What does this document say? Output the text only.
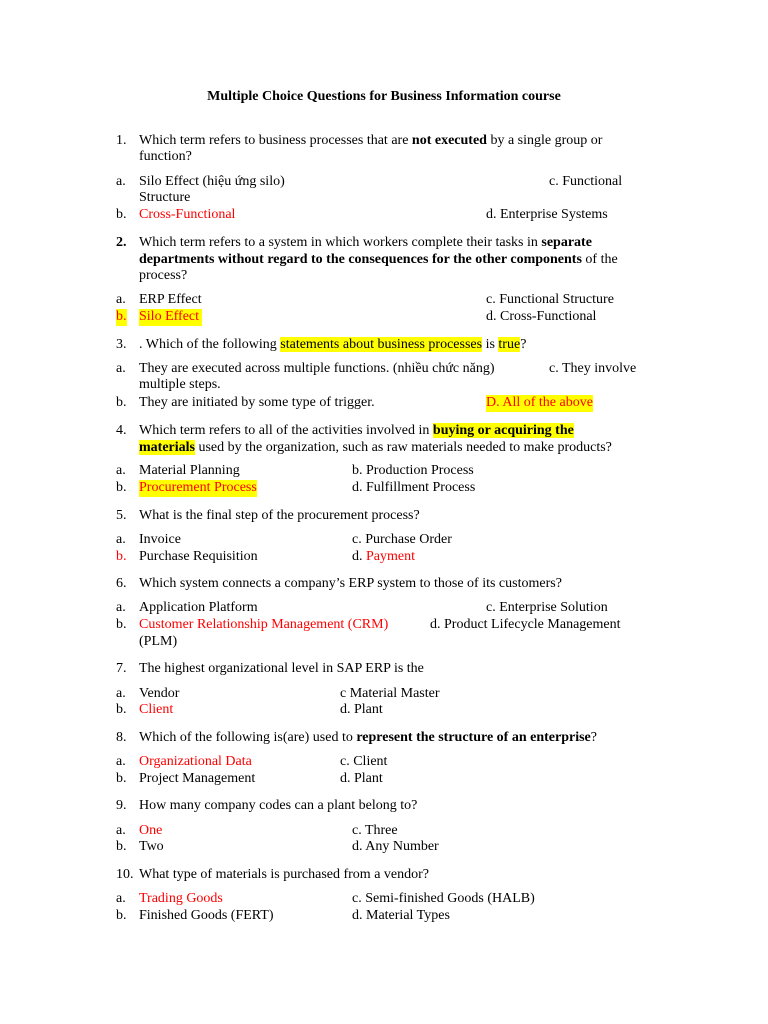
Multiple Choice Questions for Business Information course
1. Which term refers to business processes that are not executed by a single group or
function?
a. Silo Effect (hiệu ứng silo)	c. Functional
Structure
b. Cross-Functional	d. Enterprise Systems
2. Which term refers to a system in which workers complete their tasks in separate
departments without regard to the consequences for the other components of the
process?
a. ERP Effect	c. Functional Structure
b. Silo Effect	d. Cross-Functional
3. . Which of the following statements about business processes is true?
a. They are executed across multiple functions. (nhiều chức năng)	c. They involve
multiple steps.
b. They are initiated by some type of trigger.	D. All of the above
4. Which term refers to all of the activities involved in buying or acquiring the
materials used by the organization, such as raw materials needed to make products?
a. Material Planning	b. Production Process
b. Procurement Process	d. Fulfillment Process
5. What is the final step of the procurement process?
a. Invoice	c. Purchase Order
b. Purchase Requisition	d. Payment
6. Which system connects a company’s ERP system to those of its customers?
a. Application Platform	c. Enterprise Solution
b. Customer Relationship Management (CRM)	d. Product Lifecycle Management
(PLM)
7. The highest organizational level in SAP ERP is the
a. Vendor	c Material Master
b. Client	d. Plant
8. Which of the following is(are) used to represent the structure of an enterprise?
a. Organizational Data	c. Client
b. Project Management	d. Plant
9. How many company codes can a plant belong to?
a. One	c. Three
b. Two	d. Any Number
10. What type of materials is purchased from a vendor?
a. Trading Goods	c. Semi-finished Goods (HALB)
b. Finished Goods (FERT)	d. Material Types
